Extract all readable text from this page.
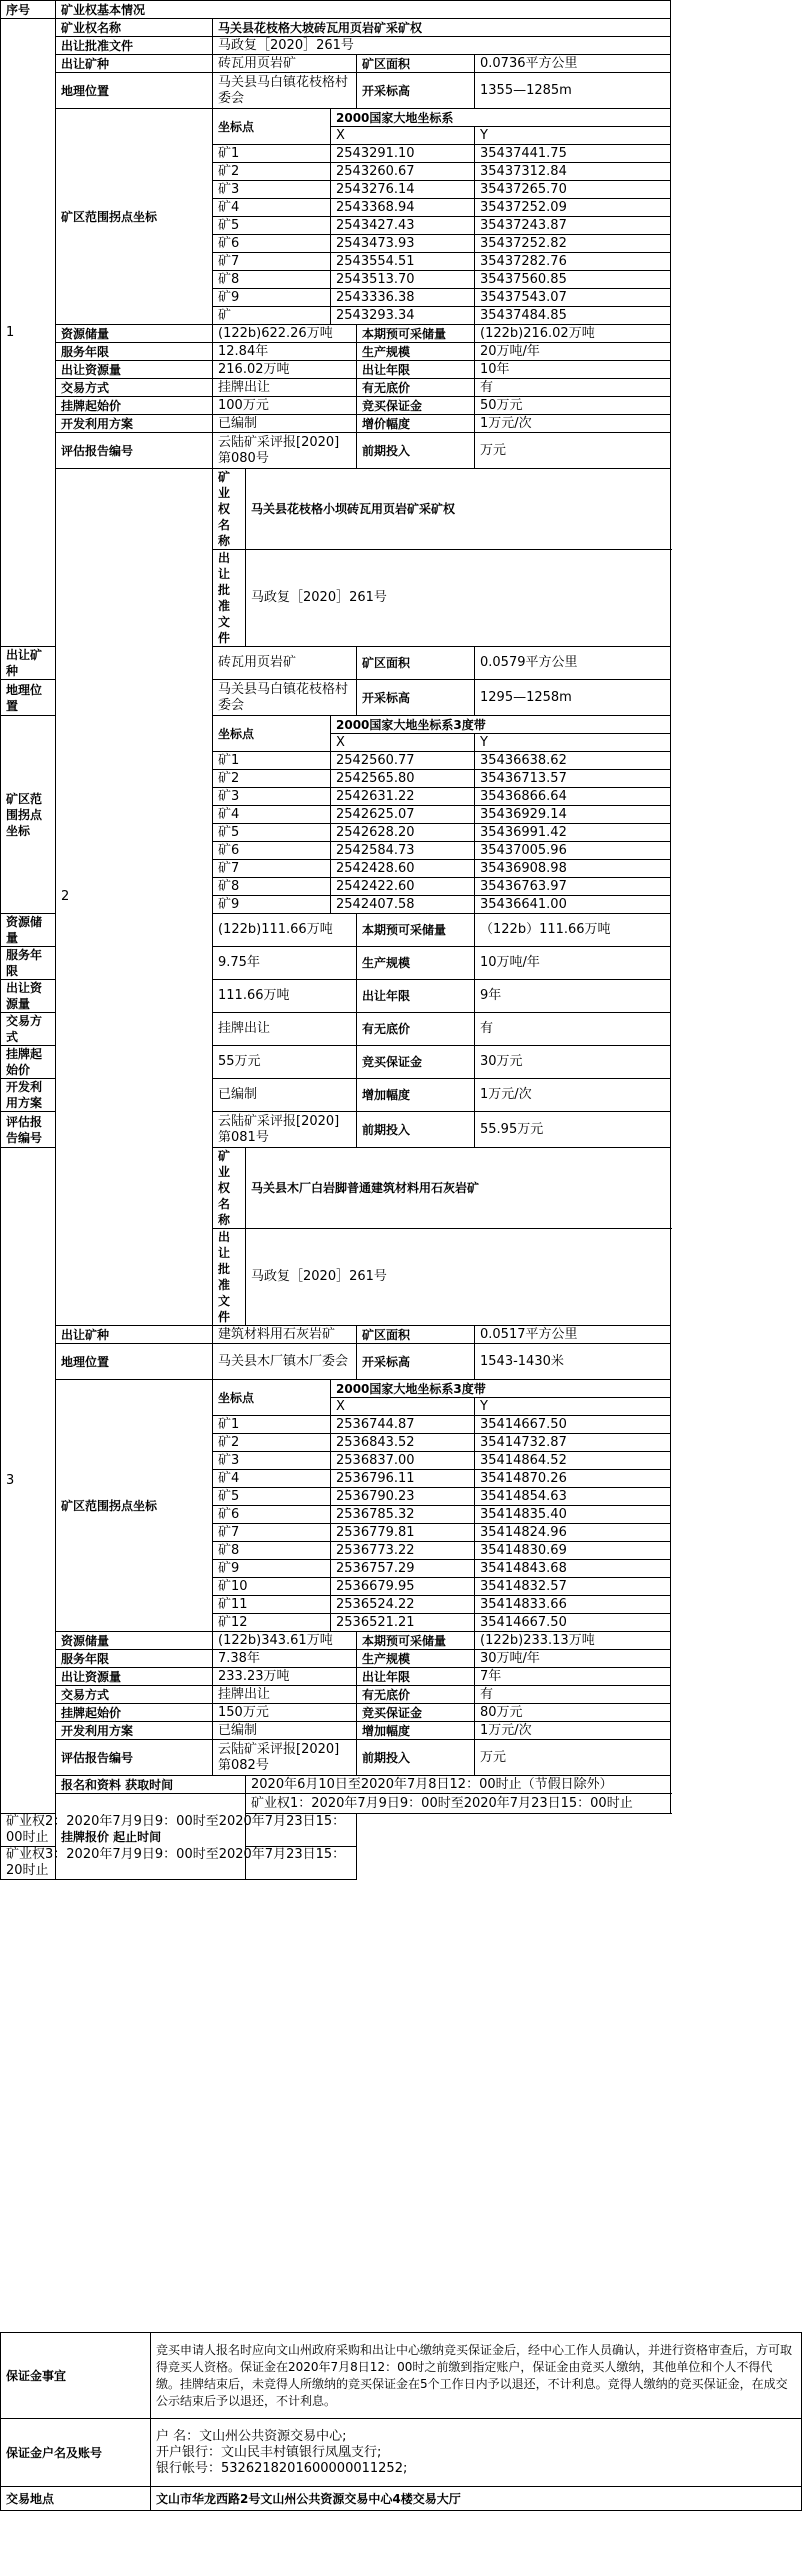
序号	矿业权基本情况					
1	矿业权名称	马关县花枝格大坡砖瓦用页岩矿采矿权				
	出让批准文件	马政复［2020］261号				
	出让矿种	砖瓦用页岩矿			矿区面积	0.0736平方公里
	地理位置	马关县马白镇花枝格村委会			开采标高	1355—1285m
	矿区范围拐点坐标	坐标点		2000国家大地坐标系		
				X		Y
		矿1		2543291.10		35437441.75
		矿2		2543260.67		35437312.84
		矿3		2543276.14		35437265.70
		矿4		2543368.94		35437252.09
		矿5		2543427.43		35437243.87
		矿6		2543473.93		35437252.82
		矿7		2543554.51		35437282.76
		矿8		2543513.70		35437560.85
		矿9		2543336.38		35437543.07
		矿		2543293.34		35437484.85
	资源储量	(122b)622.26万吨			本期预可采储量	(122b)216.02万吨
	服务年限	12.84年			生产规模	20万吨/年
	出让资源量	216.02万吨			出让年限	10年
	交易方式	挂牌出让			有无底价	有
	挂牌起始价	100万元			竞买保证金	50万元
	开发利用方案	已编制			增价幅度	1万元/次
	评估报告编号	云陆矿采评报[2020]第080号			前期投入	万元
	2	矿业权名称	马关县花枝格小坝砖瓦用页岩矿采矿权			
		出让批准文件	马政复［2020］261号			
出让矿种		砖瓦用页岩矿			矿区面积	0.0579平方公里
地理位置		马关县马白镇花枝格村委会			开采标高	1295—1258m
矿区范围拐点坐标		坐标点		2000国家大地坐标系3度带		
				X		Y
		矿1		2542560.77		35436638.62
		矿2		2542565.80		35436713.57
		矿3		2542631.22		35436866.64
		矿4		2542625.07		35436929.14
		矿5		2542628.20		35436991.42
		矿6		2542584.73		35437005.96
		矿7		2542428.60		35436908.98
		矿8		2542422.60		35436763.97
		矿9		2542407.58		35436641.00
资源储量		(122b)111.66万吨			本期预可采储量	（122b）111.66万吨
服务年限		9.75年			生产规模	10万吨/年
出让资源量		111.66万吨			出让年限	9年
交易方式		挂牌出让			有无底价	有
挂牌起始价		55万元			竞买保证金	30万元
开发利用方案		已编制			增加幅度	1万元/次
评估报告编号		云陆矿采评报[2020]第081号			前期投入	55.95万元
3		矿业权名称	马关县木厂白岩脚普通建筑材料用石灰岩矿			
		出让批准文件	马政复［2020］261号			
	出让矿种	建筑材料用石灰岩矿			矿区面积	0.0517平方公里
	地理位置	马关县木厂镇木厂委会			开采标高	1543-1430米
	矿区范围拐点坐标	坐标点		2000国家大地坐标系3度带		
				X		Y
		矿1		2536744.87		35414667.50
		矿2		2536843.52		35414732.87
		矿3		2536837.00		35414864.52
		矿4		2536796.11		35414870.26
		矿5		2536790.23		35414854.63
		矿6		2536785.32		35414835.40
		矿7		2536779.81		35414824.96
		矿8		2536773.22		35414830.69
		矿9		2536757.29		35414843.68
		矿10		2536679.95		35414832.57
		矿11		2536524.22		35414833.66
		矿12		2536521.21		35414667.50
	资源储量	(122b)343.61万吨			本期预可采储量	(122b)233.13万吨
	服务年限	7.38年			生产规模	30万吨/年
	出让资源量	233.23万吨			出让年限	7年
	交易方式	挂牌出让			有无底价	有
	挂牌起始价	150万元			竞买保证金	80万元
	开发利用方案	已编制			增加幅度	1万元/次
	评估报告编号	云陆矿采评报[2020]第082号			前期投入	万元
	报名和资料 获取时间		2020年6月10日至2020年7月8日12：00时止（节假日除外）			
	挂牌报价 起止时间		矿业权1：2020年7月9日9：00时至2020年7月23日15：00时止			
矿业权2：2020年7月9日9：00时至2020年7月23日15：00时止						
矿业权3：2020年7月9日9：00时至2020年7月23日15：20时止						
保证金事宜	竞买申请人报名时应向文山州政府采购和出让中心缴纳竞买保证金后，经中心工作人员确认，并进行资格审查后，方可取得竞买人资格。保证金在2020年7月8日12：00时之前缴到指定账户，保证金由竞买人缴纳，其他单位和个人不得代缴。挂牌结束后，未竞得人所缴纳的竞买保证金在5个工作日内予以退还，不计利息。竞得人缴纳的竞买保证金，在成交公示结束后予以退还，不计利息。
保证金户名及账号	户 名：文山州公共资源交易中心;
开户银行：文山民丰村镇银行凤凰支行;
银行帐号：5326218201600000011252;

交易地点	文山市华龙西路2号文山州公共资源交易中心4楼交易大厅
